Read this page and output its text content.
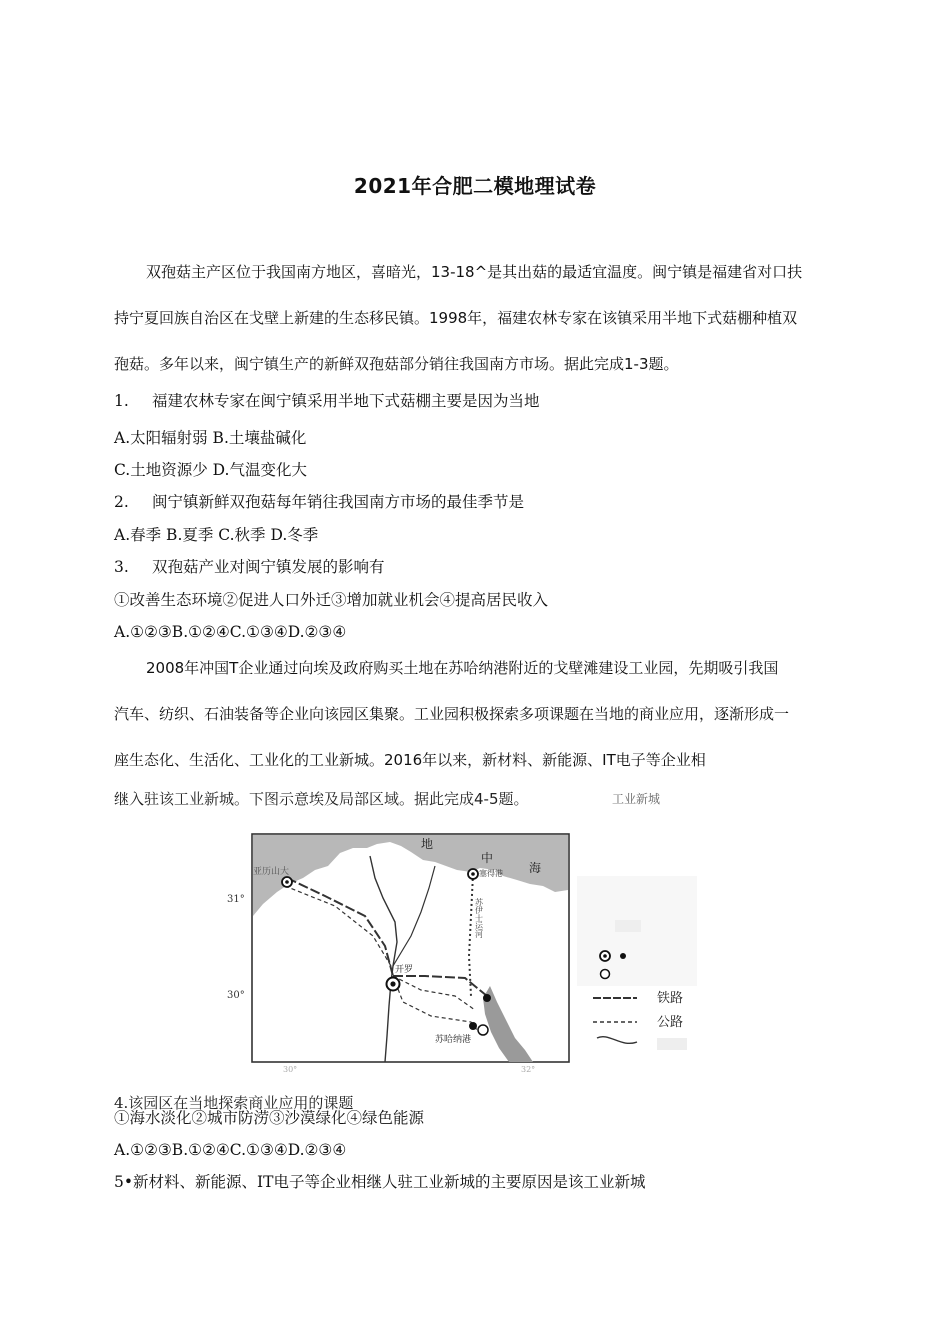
2021年合肥二模地理试卷
双孢菇主产区位于我国南方地区，喜暗光，13-18^是其出菇的最适宜温度。闽宁镇是福建省对口扶
持宁夏回族自治区在戈壁上新建的生态移民镇。1998年，福建农林专家在该镇采用半地下式菇棚种植双
孢菇。多年以来，闽宁镇生产的新鲜双孢菇部分销往我国南方市场。据此完成1-3题。
1. 福建农林专家在闽宁镇采用半地下式菇棚主要是因为当地
A.太阳辐射弱 B.土壤盐碱化
C.土地资源少 D.气温变化大
2. 闽宁镇新鲜双孢菇每年销往我国南方市场的最佳季节是
A.春季 B.夏季 C.秋季 D.冬季
3. 双孢菇产业对闽宁镇发展的影响有
①改善生态环境②促进人口外迁③增加就业机会④提高居民收入
A.①②③B.①②④C.①③④D.②③④
2008年冲国T企业通过向埃及政府购买土地在苏哈纳港附近的戈壁滩建设工业园，先期吸引我国
汽车、纺织、石油装备等企业向该园区集聚。工业园积极探索多项课题在当地的商业应用，逐渐形成一
座生态化、生活化、工业化的工业新城。2016年以来，新材料、新能源、IT电子等企业相
继入驻该工业新城。下图示意埃及局部区域。据此完成4-5题。	工业新城
地
中
海
亚历山大	塞得港
苏伊士运河
开罗
苏哈纳港
31°
30°
30°	32°
铁路
公路
4.该园区在当地探索商业应用的课题
①海水淡化②城市防涝③沙漠绿化④绿色能源
A.①②③B.①②④C.①③④D.②③④
5•新材料、新能源、IT电子等企业相继人驻工业新城的主要原因是该工业新城
